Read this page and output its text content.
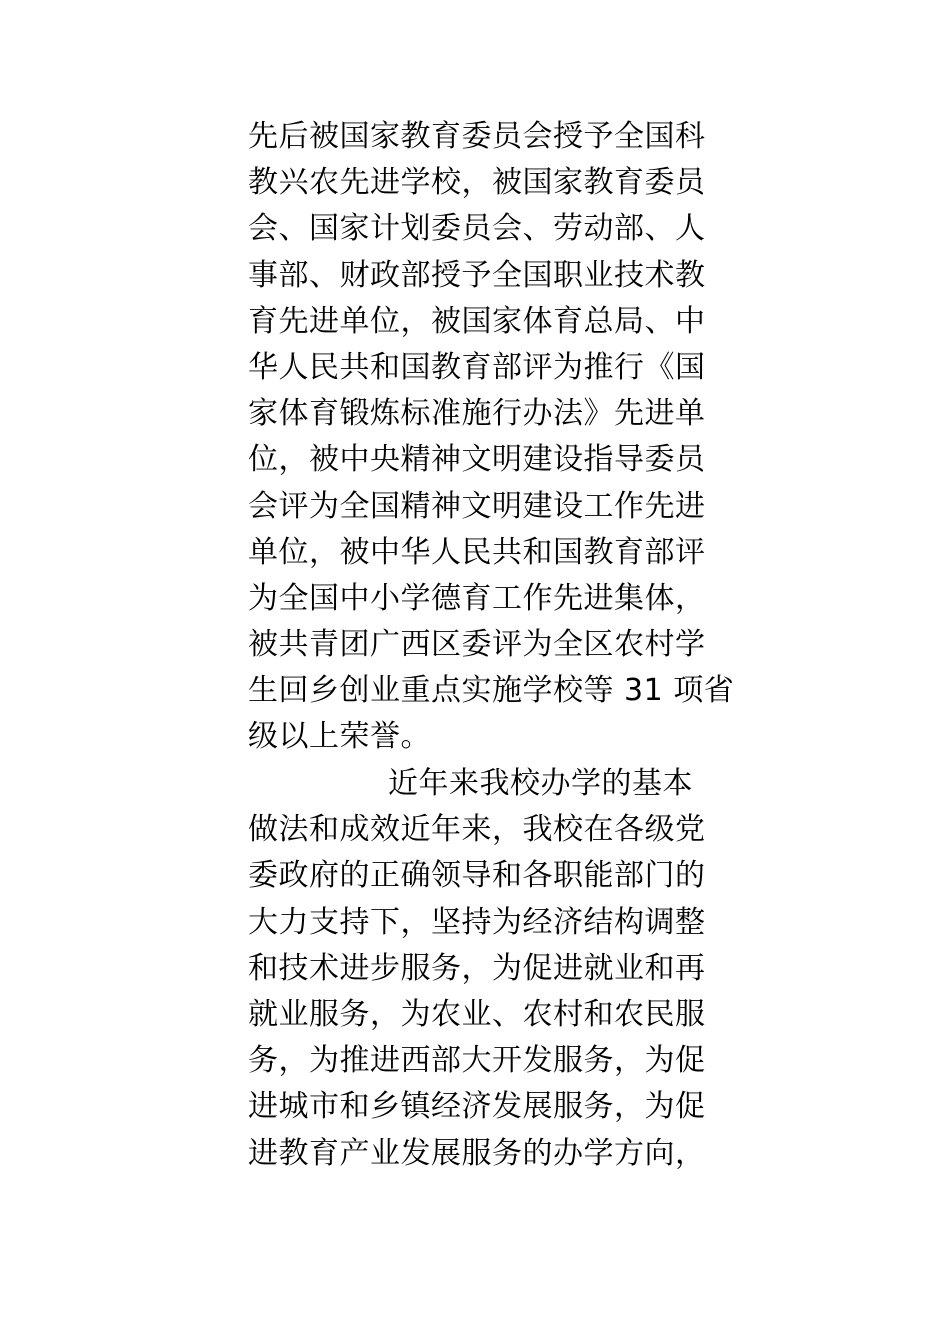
先后被国家教育委员会授予全国科
教兴农先进学校，被国家教育委员
会、国家计划委员会、劳动部、人
事部、财政部授予全国职业技术教
育先进单位，被国家体育总局、中
华人民共和国教育部评为推行《国
家体育锻炼标准施行办法》先进单
位，被中央精神文明建设指导委员
会评为全国精神文明建设工作先进
单位，被中华人民共和国教育部评
为全国中小学德育工作先进集体，
被共青团广西区委评为全区农村学
生回乡创业重点实施学校等 31 项省
级以上荣誉。
近年来我校办学的基本
做法和成效近年来，我校在各级党
委政府的正确领导和各职能部门的
大力支持下，坚持为经济结构调整
和技术进步服务，为促进就业和再
就业服务，为农业、农村和农民服
务，为推进西部大开发服务，为促
进城市和乡镇经济发展服务，为促
进教育产业发展服务的办学方向，
